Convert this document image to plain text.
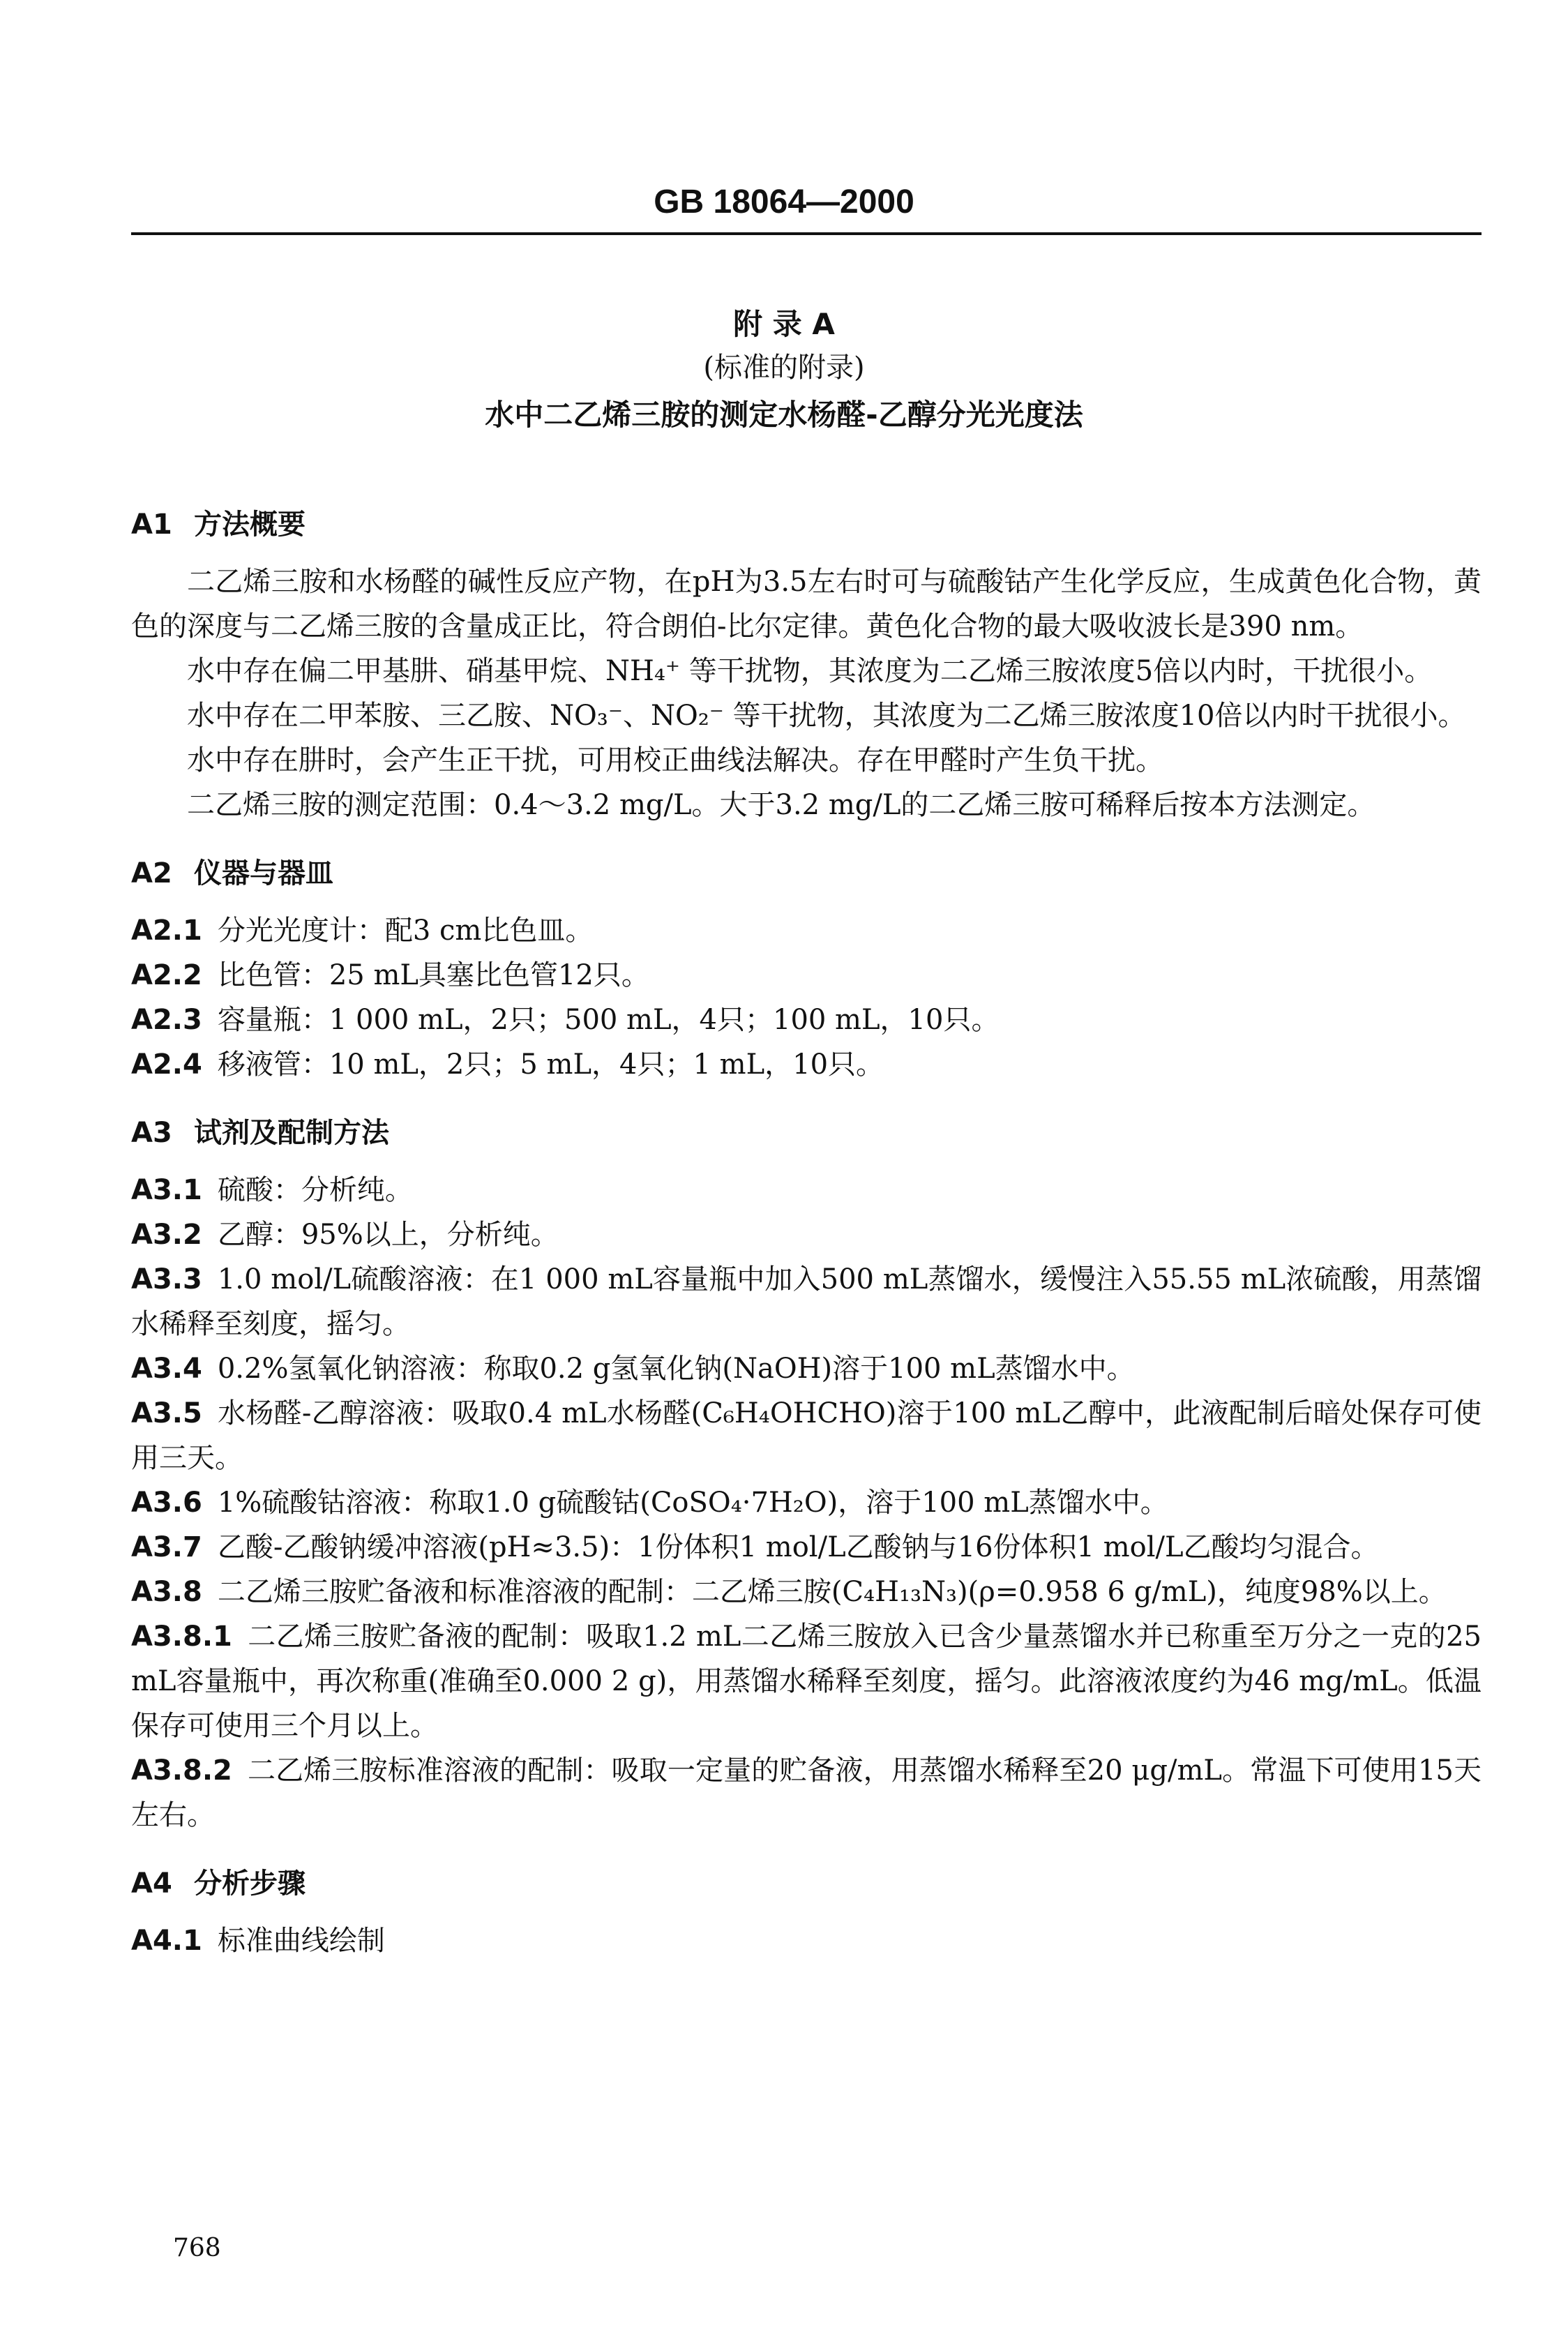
GB 18064—2000
附 录 A
(标准的附录)
水中二乙烯三胺的测定水杨醛-乙醇分光光度法
A1 方法概要

二乙烯三胺和水杨醛的碱性反应产物，在pH为3.5左右时可与硫酸钴产生化学反应，生成黄色化合物，黄色的深度与二乙烯三胺的含量成正比，符合朗伯-比尔定律。黄色化合物的最大吸收波长是390 nm。

水中存在偏二甲基肼、硝基甲烷、NH₄⁺ 等干扰物，其浓度为二乙烯三胺浓度5倍以内时，干扰很小。

水中存在二甲苯胺、三乙胺、NO₃⁻、NO₂⁻ 等干扰物，其浓度为二乙烯三胺浓度10倍以内时干扰很小。

水中存在肼时，会产生正干扰，可用校正曲线法解决。存在甲醛时产生负干扰。

二乙烯三胺的测定范围：0.4～3.2 mg/L。大于3.2 mg/L的二乙烯三胺可稀释后按本方法测定。

A2 仪器与器皿

A2.1 分光光度计：配3 cm比色皿。

A2.2 比色管：25 mL具塞比色管12只。

A2.3 容量瓶：1 000 mL，2只；500 mL，4只；100 mL，10只。

A2.4 移液管：10 mL，2只；5 mL，4只；1 mL，10只。

A3 试剂及配制方法

A3.1 硫酸：分析纯。

A3.2 乙醇：95%以上，分析纯。

A3.3 1.0 mol/L硫酸溶液：在1 000 mL容量瓶中加入500 mL蒸馏水，缓慢注入55.55 mL浓硫酸，用蒸馏水稀释至刻度，摇匀。

A3.4 0.2%氢氧化钠溶液：称取0.2 g氢氧化钠(NaOH)溶于100 mL蒸馏水中。

A3.5 水杨醛-乙醇溶液：吸取0.4 mL水杨醛(C₆H₄OHCHO)溶于100 mL乙醇中，此液配制后暗处保存可使用三天。

A3.6 1%硫酸钴溶液：称取1.0 g硫酸钴(CoSO₄·7H₂O)，溶于100 mL蒸馏水中。

A3.7 乙酸-乙酸钠缓冲溶液(pH≈3.5)：1份体积1 mol/L乙酸钠与16份体积1 mol/L乙酸均匀混合。

A3.8 二乙烯三胺贮备液和标准溶液的配制：二乙烯三胺(C₄H₁₃N₃)(ρ=0.958 6 g/mL)，纯度98%以上。

A3.8.1 二乙烯三胺贮备液的配制：吸取1.2 mL二乙烯三胺放入已含少量蒸馏水并已称重至万分之一克的25 mL容量瓶中，再次称重(准确至0.000 2 g)，用蒸馏水稀释至刻度，摇匀。此溶液浓度约为46 mg/mL。低温保存可使用三个月以上。

A3.8.2 二乙烯三胺标准溶液的配制：吸取一定量的贮备液，用蒸馏水稀释至20 μg/mL。常温下可使用15天左右。

A4 分析步骤

A4.1 标准曲线绘制

768
